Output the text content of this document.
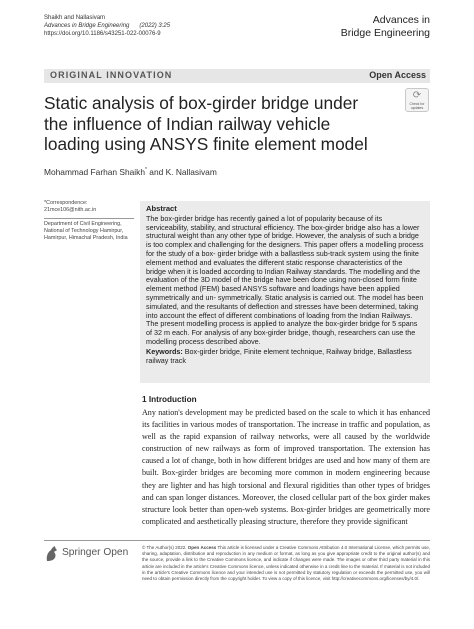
Shaikh and Nallasivam
Advances in Bridge Engineering (2022) 3:25
https://doi.org/10.1186/s43251-022-00076-9
Advances in
Bridge Engineering
ORIGINAL INNOVATION	Open Access
Static analysis of box-girder bridge under the influence of Indian railway vehicle loading using ANSYS finite element model
⟳
Check for
updates
Mohammad Farhan Shaikh* and K. Nallasivam
*Correspondence:
21mce106@nith.ac.in
Department of Civil Engineering, National of Technology Hamirpur, Hamirpur, Himachal Pradesh, India
Abstract
The box-girder bridge has recently gained a lot of popularity because of its serviceability, stability, and structural efficiency. The box-girder bridge also has a lower structural weight than any other type of bridge. However, the analysis of such a bridge is too complex and challenging for the designers. This paper offers a modelling process for the study of a box- girder bridge with a ballastless sub-track system using the finite element method and evaluates the different static response characteristics of the bridge when it is loaded according to Indian Railway standards. The modelling and the evaluation of the 3D model of the bridge have been done using non-closed form finite element method (FEM) based ANSYS software and loadings have been applied symmetrically and un- symmetrically. Static analysis is carried out. The model has been simulated, and the resultants of deflection and stresses have been determined, taking into account the effect of different combinations of loading from the Indian Railways. The present modelling process is applied to analyze the box-girder bridge for 5 spans of 32 m each. For analysis of any box-girder bridge, though, researchers can use the modelling process described above.
Keywords: Box-girder bridge, Finite element technique, Railway bridge, Ballastless railway track
1 Introduction
Any nation's development may be predicted based on the scale to which it has enhanced its facilities in various modes of transportation. The increase in traffic and population, as well as the rapid expansion of railway networks, were all caused by the worldwide construction of new railways as form of improved transportation. The extension has caused a lot of change, both in how different bridges are used and how many of them are built. Box-girder bridges are becoming more common in modern engineering because they are lighter and has high torsional and flexural rigidities than other types of bridges and can span longer distances. Moreover, the closed cellular part of the box girder makes structure look better than open-web systems. Box-girder bridges are geometrically more complicated and aesthetically pleasing structure, therefore they provide significant
Springer Open	© The Author(s) 2022. Open Access This article is licensed under a Creative Commons Attribution 4.0 International License, which permits use, sharing, adaptation, distribution and reproduction in any medium or format, as long as you give appropriate credit to the original author(s) and the source, provide a link to the Creative Commons licence, and indicate if changes were made. The images or other third party material in this article are included in the article's Creative Commons licence, unless indicated otherwise in a credit line to the material. If material is not included in the article's Creative Commons licence and your intended use is not permitted by statutory regulation or exceeds the permitted use, you will need to obtain permission directly from the copyright holder. To view a copy of this licence, visit http://creativecommons.org/licenses/by/4.0/.
